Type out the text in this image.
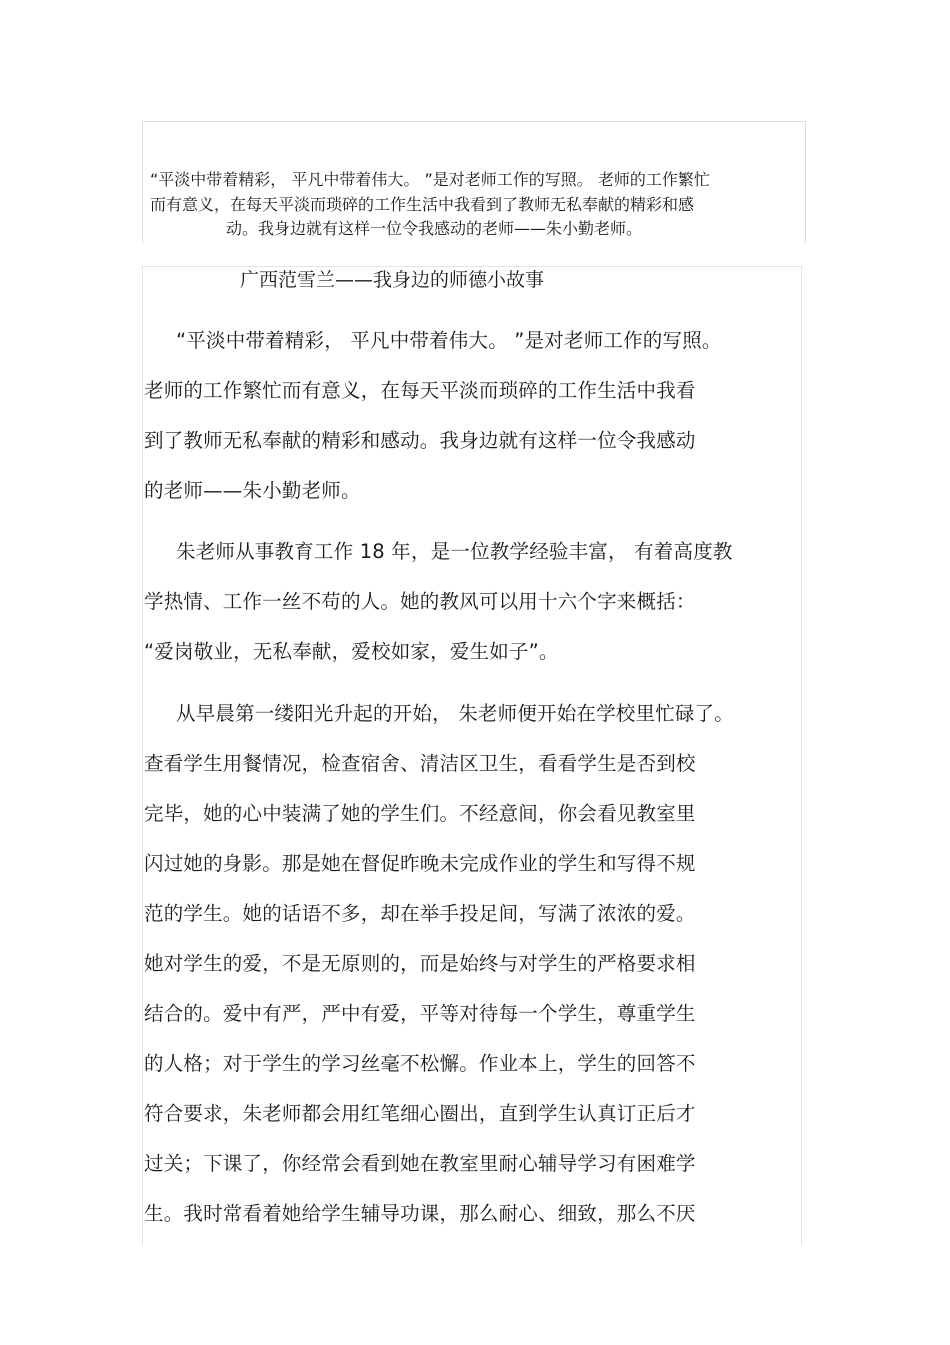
“平淡中带着精彩， 平凡中带着伟大。 ”是对老师工作的写照。 老师的工作繁忙
而有意义，在每天平淡而琐碎的工作生活中我看到了教师无私奉献的精彩和感
动。我身边就有这样一位令我感动的老师——朱小勤老师。
广西范雪兰——我身边的师德小故事
“平淡中带着精彩， 平凡中带着伟大。 ”是对老师工作的写照。
老师的工作繁忙而有意义，在每天平淡而琐碎的工作生活中我看
到了教师无私奉献的精彩和感动。我身边就有这样一位令我感动
的老师——朱小勤老师。
朱老师从事教育工作 18 年，是一位教学经验丰富， 有着高度教
学热情、工作一丝不苟的人。她的教风可以用十六个字来概括：
“爱岗敬业，无私奉献，爱校如家，爱生如子”。
从早晨第一缕阳光升起的开始， 朱老师便开始在学校里忙碌了。
查看学生用餐情况，检查宿舍、清洁区卫生，看看学生是否到校
完毕，她的心中装满了她的学生们。不经意间，你会看见教室里
闪过她的身影。那是她在督促昨晚未完成作业的学生和写得不规
范的学生。她的话语不多，却在举手投足间，写满了浓浓的爱。
她对学生的爱，不是无原则的，而是始终与对学生的严格要求相
结合的。爱中有严，严中有爱，平等对待每一个学生，尊重学生
的人格；对于学生的学习丝毫不松懈。作业本上，学生的回答不
符合要求，朱老师都会用红笔细心圈出，直到学生认真订正后才
过关；下课了，你经常会看到她在教室里耐心辅导学习有困难学
生。我时常看着她给学生辅导功课，那么耐心、细致，那么不厌
